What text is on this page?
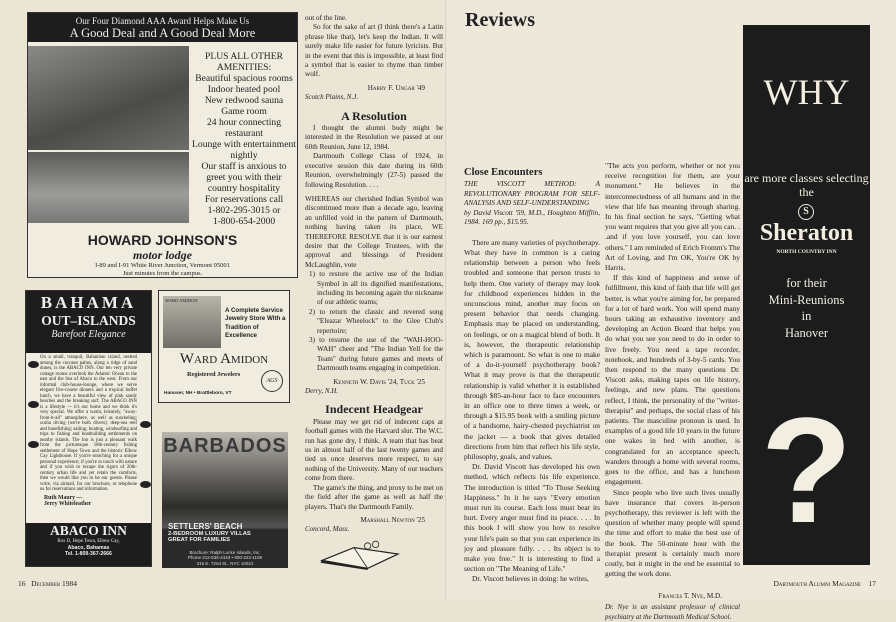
Our Four Diamond AAA Award Helps Make Us
A Good Deal and A Good Deal More
PLUS ALL OTHER AMENITIES:
Beautiful spacious rooms
Indoor heated pool
New redwood sauna
Game room
24 hour connecting restaurant
Lounge with entertainment nightly
Our staff is anxious to greet you with their country hospitality
For reservations call
1-802-295-3015 or
1-800-654-2000
HOWARD JOHNSON'S
motor lodge
I-89 and I-91 White River Junction, Vermont 05001
Just minutes from the campus.
BAHAMA
OUT–ISLANDS
Barefoot Elegance
On a small, tranquil, Bahamian island, nestled among the coconut palms, along a ridge of sand dunes, is the ABACO INN. Our ten very private cottage rooms overlook the Atlantic Ocean to the east and the Sea of Abaco to the west. From our informal club-house-lounge, where we serve elegant five-course dinners and a tropical buffet lunch, we have a beautiful view of pink sandy beaches and the breaking surf. The ABACO INN is a lifestyle — it's our home and we think it's very special. We offer a warm, leisurely, "away-from-it-all" atmosphere, as well as snorkeling; scuba diving (we're both divers); deep-sea reef and bonefishing; sailing; boating, windsurfing and trips to fishing and boatbuilding settlements on nearby islands. The Inn is just a pleasant walk from the picturesque 18th-century fishing settlement of Hope Town and the historic Elbow Cay Lighthouse. If you're searching for a unique personal experience; if you're in touch with nature and if you wish to escape the rigors of 20th-century urban life and yet retain the comforts, then we would like you to be our guests. Please write, via airmail, for our brochure, or telephone us for reservations and information.
Ruth Maury —
Jerry Whiteleather
ABACO INN
Box D, Hope Town, Elbow Cay,
Abaco, Bahamas
Tel. 1-809-367-2666
WARD AMIDON
A Complete Service Jewelry Store With a Tradition of Excellence
Ward Amidon
Registered Jewelers
AGS
Hanover, NH • Brattleboro, VT
BARBADOS
SETTLERS' BEACH
2-BEDROOM LUXURY VILLAS
GREAT FOR FAMILIES
Brochure: Ralph Locke Islands, Inc.
Phone 212-535-2443 • 800-223-1108
315 E. 72nd St., NYC 10021
out of the line.

So for the sake of art (I think there's a Latin phrase like that), let's keep the Indian. It will surely make life easier for future lyricists. But in the event that this is impossible, at least find a symbol that is easier to rhyme than timber wolf.

Harry F. Ungar '49
Scotch Plains, N.J.
A Resolution

I thought the alumni body might be interested in the Resolution we passed at our 60th Reunion, June 12, 1984.

Dartmouth College Class of 1924, in executive session this date during its 60th Reunion, overwhelmingly (27-5) passed the following Resolution. . . .

WHEREAS our cherished Indian Symbol was discontinued more than a decade ago, leaving an unfilled void in the pattern of Dartmouth, nothing having taken its place, WE THEREFORE RESOLVE that it is our earnest desire that the College Trustees, with the approval and blessings of President McLaughlin, vote
1) to restore the active use of the Indian Symbol in all its dignified manifestations, including its becoming again the nickname of our athletic teams;
2) to return the classic and revered song "Eleazar Wheelock" to the Glee Club's repertoire;
3) to resume the use of the "WAH-HOO-WAH" cheer and "The Indian Yell for the Team" during future games and meets of Dartmouth teams engaging in competition.
Kenneth W. Davis '24, Tuck '25
Derry, N.H.
Indecent Headgear

Please may we get rid of indecent caps at football games with the Harvard slur. The W.C. run has gone dry, I think. A team that has beat us in almost half of the last twenty games and tied us once deserves more respect, to say nothing of the University. Many of our teachers come from there.

The game's the thing, and proxy to be met on the field after the game as well as half the players. That's the Dartmouth Family.

Marshall Newton '25
Concord, Mass.
16 December 1984
Reviews
Close Encounters
THE VISCOTT METHOD: A REVOLUTIONARY PROGRAM FOR SELF-ANALYSIS AND SELF-UNDERSTANDING
by David Viscott '59, M.D., Houghton Mifflin, 1984. 169 pp., $15.95.

There are many varieties of psychotherapy. What they have in common is a caring relationship between a person who feels troubled and someone that person trusts to help them. One variety of therapy may look for childhood experiences hidden in the unconscious mind, another may focus on present behavior that needs changing. Emphasis may be placed on understanding, on feelings, or on a magical blend of both. It is, however, the therapeutic relationship which is paramount. So what is one to make of a do-it-yourself psychotherapy book? What it may prove is that the therapeutic relationship is valid whether it is established through $85-an-hour face to face encounters in an office one to three times a week, or through a $15.95 book with a smiling picture of a handsome, hairy-chested psychiatrist on the jacket — a book that gives detailed directions from him that reflect his life style, philosophy, goals, and values.

Dr. David Viscott has developed his own method, which reflects his life experience. The introduction is titled "To Those Seeking Happiness." In it he says "Every emotion must run its course. Each loss must bear its hurt. Every anger must find its peace. . . . In this book I will show you how to resolve your life's pain so that you can experience its joy and pleasure fully. . . . Its object is to make you free." It is interesting to find a section on "The Meaning of Life."

Dr. Viscott believes in doing: he writes,

"The acts you perform, whether or not you receive recognition for them, are your monument." He believes in the interconnectedness of all humans and in the view that life has meaning through sharing. In his final section he says, "Getting what you want requires that you give all you can. . .and if you love yourself, you can love others." I am reminded of Erich Fromm's The Art of Loving, and I'm OK, You're OK by Harris.

If this kind of happiness and sense of fulfillment, this kind of faith that life will get better, is what you're aiming for, be prepared for a lot of hard work. You will spend many hours taking an exhaustive inventory and developing an Action Board that helps you do what you see you need to do in order to live freely. You need a tape recorder, notebook, and hundreds of 3-by-5 cards. You then respond to the many questions Dr. Viscott asks, making tapes on life history, feelings, and new plans. The questions reflect, I think, the personality of the "writer-therapist" and perhaps, the social class of his patients. The masculine pronoun is used. In examples of a good life 10 years in the future one wakes in bed with another, is congratulated for an acceptance speech, wanders through a home with several rooms, goes to the office, and has a luncheon engagement.

Since people who live such lives usually have insurance that covers in-person psychotherapy, this reviewer is left with the question of whether many people will spend the time and effort to make the best use of the book. The 50-minute hour with the therapist present is certainly much more costly, but it might in the end be essential to getting the work done.

Frances T. Nye, M.D.
Dr. Nye is an assistant professor of clinical psychiatry at the Dartmouth Medical School.
WHY
are more classes selecting the
S
Sheraton
NORTH COUNTRY INN
for their
Mini-Reunions
in
Hanover
?
Dartmouth Alumni Magazine 17
